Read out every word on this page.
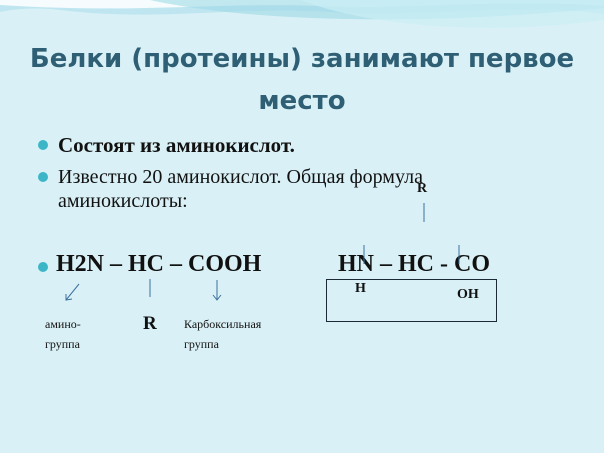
Белки (протеины) занимают первое
место
Состоят из аминокислот.
Известно 20 аминокислот. Общая формула
аминокислоты:
H2N – HC – COOH	HN – HC - CO
R
H	OH
R
амино-
группа
Карбоксильная
группа
